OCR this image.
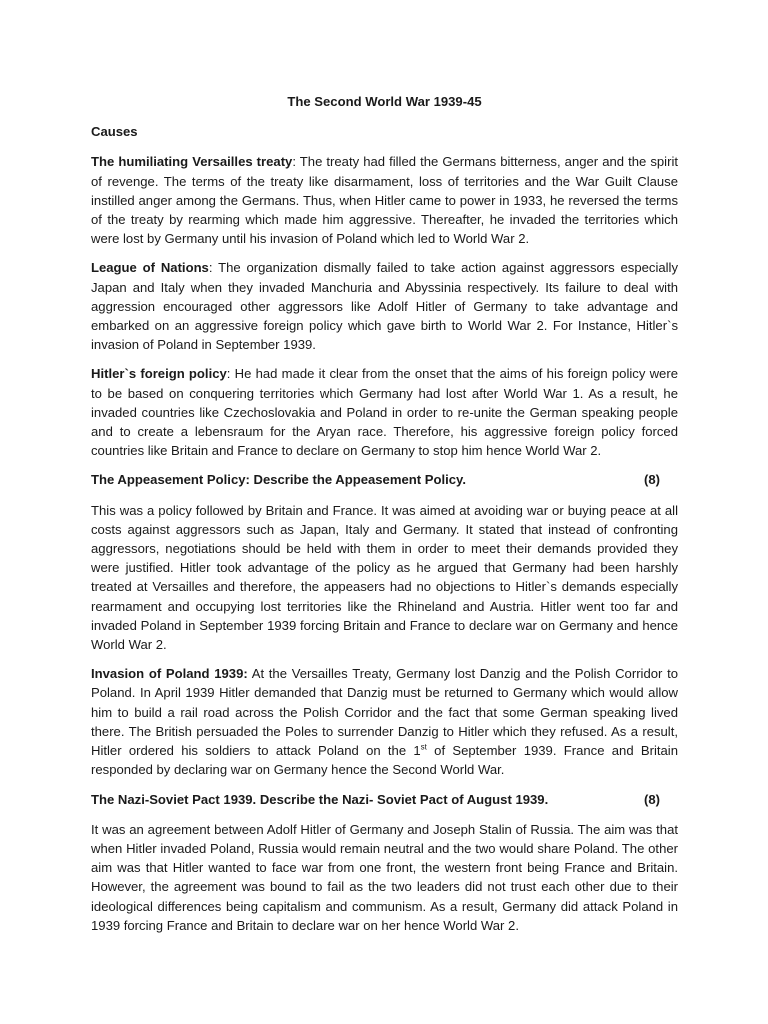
The Second World War 1939-45
Causes

The humiliating Versailles treaty: The treaty had filled the Germans bitterness, anger and the spirit of revenge. The terms of the treaty like disarmament, loss of territories and the War Guilt Clause instilled anger among the Germans. Thus, when Hitler came to power in 1933, he reversed the terms of the treaty by rearming which made him aggressive. Thereafter, he invaded the territories which were lost by Germany until his invasion of Poland which led to World War 2.

League of Nations: The organization dismally failed to take action against aggressors especially Japan and Italy when they invaded Manchuria and Abyssinia respectively. Its failure to deal with aggression encouraged other aggressors like Adolf Hitler of Germany to take advantage and embarked on an aggressive foreign policy which gave birth to World War 2. For Instance, Hitler`s invasion of Poland in September 1939.

Hitler`s foreign policy: He had made it clear from the onset that the aims of his foreign policy were to be based on conquering territories which Germany had lost after World War 1. As a result, he invaded countries like Czechoslovakia and Poland in order to re-unite the German speaking people and to create a lebensraum for the Aryan race. Therefore, his aggressive foreign policy forced countries like Britain and France to declare on Germany to stop him hence World War 2.

The Appeasement Policy: Describe the Appeasement Policy.	(8)

This was a policy followed by Britain and France. It was aimed at avoiding war or buying peace at all costs against aggressors such as Japan, Italy and Germany. It stated that instead of confronting aggressors, negotiations should be held with them in order to meet their demands provided they were justified. Hitler took advantage of the policy as he argued that Germany had been harshly treated at Versailles and therefore, the appeasers had no objections to Hitler`s demands especially rearmament and occupying lost territories like the Rhineland and Austria. Hitler went too far and invaded Poland in September 1939 forcing Britain and France to declare war on Germany and hence World War 2.

Invasion of Poland 1939: At the Versailles Treaty, Germany lost Danzig and the Polish Corridor to Poland. In April 1939 Hitler demanded that Danzig must be returned to Germany which would allow him to build a rail road across the Polish Corridor and the fact that some German speaking lived there. The British persuaded the Poles to surrender Danzig to Hitler which they refused. As a result, Hitler ordered his soldiers to attack Poland on the 1st of September 1939. France and Britain responded by declaring war on Germany hence the Second World War.

The Nazi-Soviet Pact 1939. Describe the Nazi- Soviet Pact of August 1939.	(8)

It was an agreement between Adolf Hitler of Germany and Joseph Stalin of Russia. The aim was that when Hitler invaded Poland, Russia would remain neutral and the two would share Poland. The other aim was that Hitler wanted to face war from one front, the western front being France and Britain. However, the agreement was bound to fail as the two leaders did not trust each other due to their ideological differences being capitalism and communism. As a result, Germany did attack Poland in 1939 forcing France and Britain to declare war on her hence World War 2.
